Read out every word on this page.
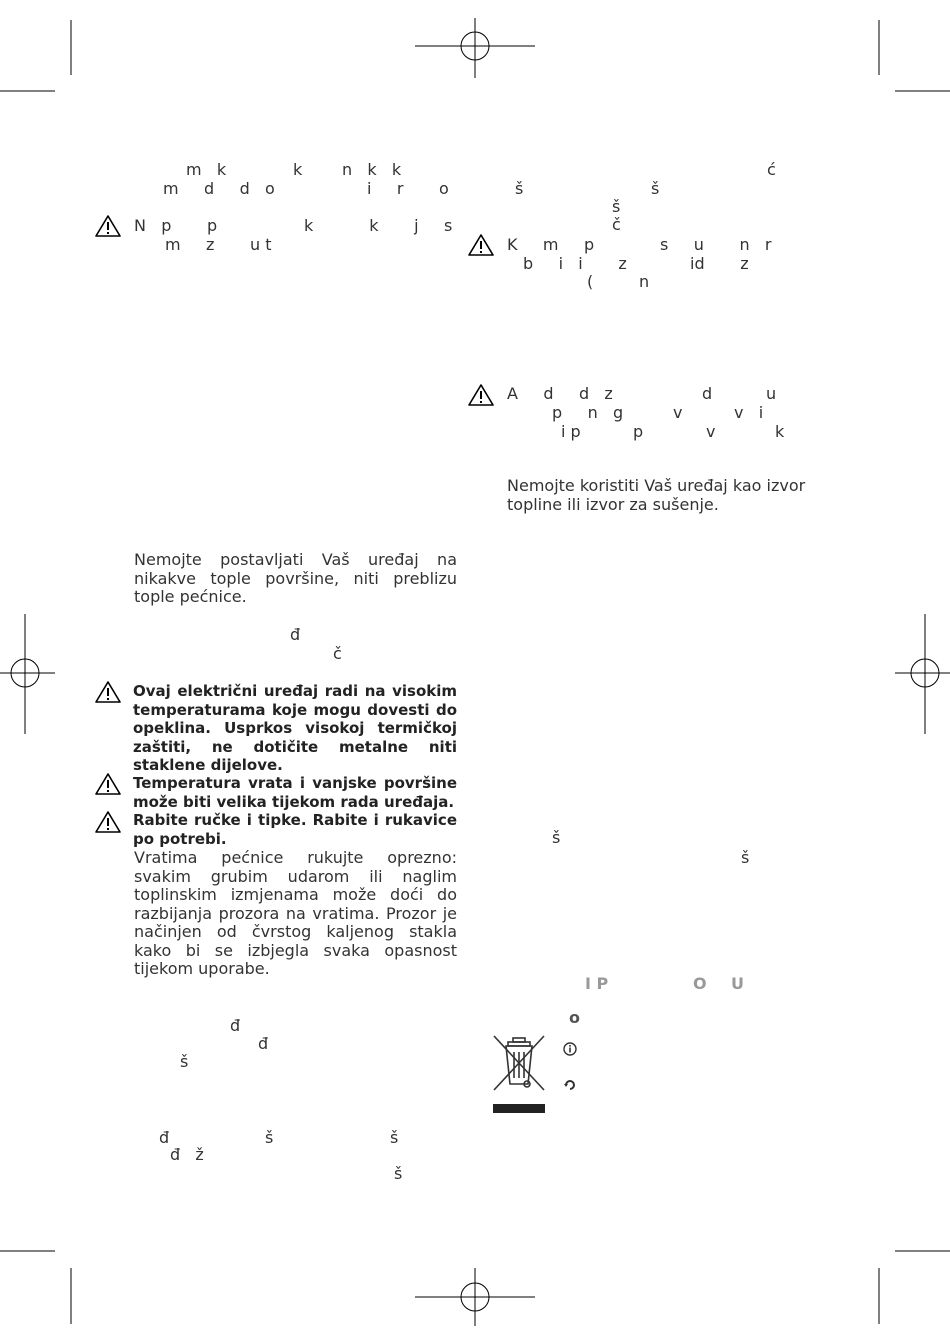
m   k	k n   k   k
m     d     d   o	i     r       o
N   p       p	k           k       j     s
m     z       u t
Nemojte postavljati Vaš uređaj na nikakve tople površine, niti preblizu tople pećnice.
đ
č
Ovaj električni uređaj radi na visokim temperaturama koje mogu dovesti do opeklina. Usprkos visokoj termičkoj zaštiti, ne dotičite metalne niti staklene dijelove.
Temperatura vrata i vanjske površine može biti velika tijekom rada uređaja.
Rabite ručke i tipke. Rabite i rukavice po potrebi.
Vratima pećnice rukujte oprezno: svakim grubim udarom ili naglim toplinskim izmjenama može doći do razbijanja prozora na vratima. Prozor je načinjen od čvrstog kaljenog stakla kako bi se izbjegla svaka opasnost tijekom uporabe.
đ
đ
š
đ	š	š
đ   ž
š
ć
š	š
š
č
K     m     p	s     u       n   r
b     i   i       z	id       z
(         n
A     d     d   z	d	u
p     n   g	v	v   i
i p	p	v	k
Nemojte koristiti Vaš uređaj kao izvor topline ili izvor za sušenje.
š
š
I P	O U
o
